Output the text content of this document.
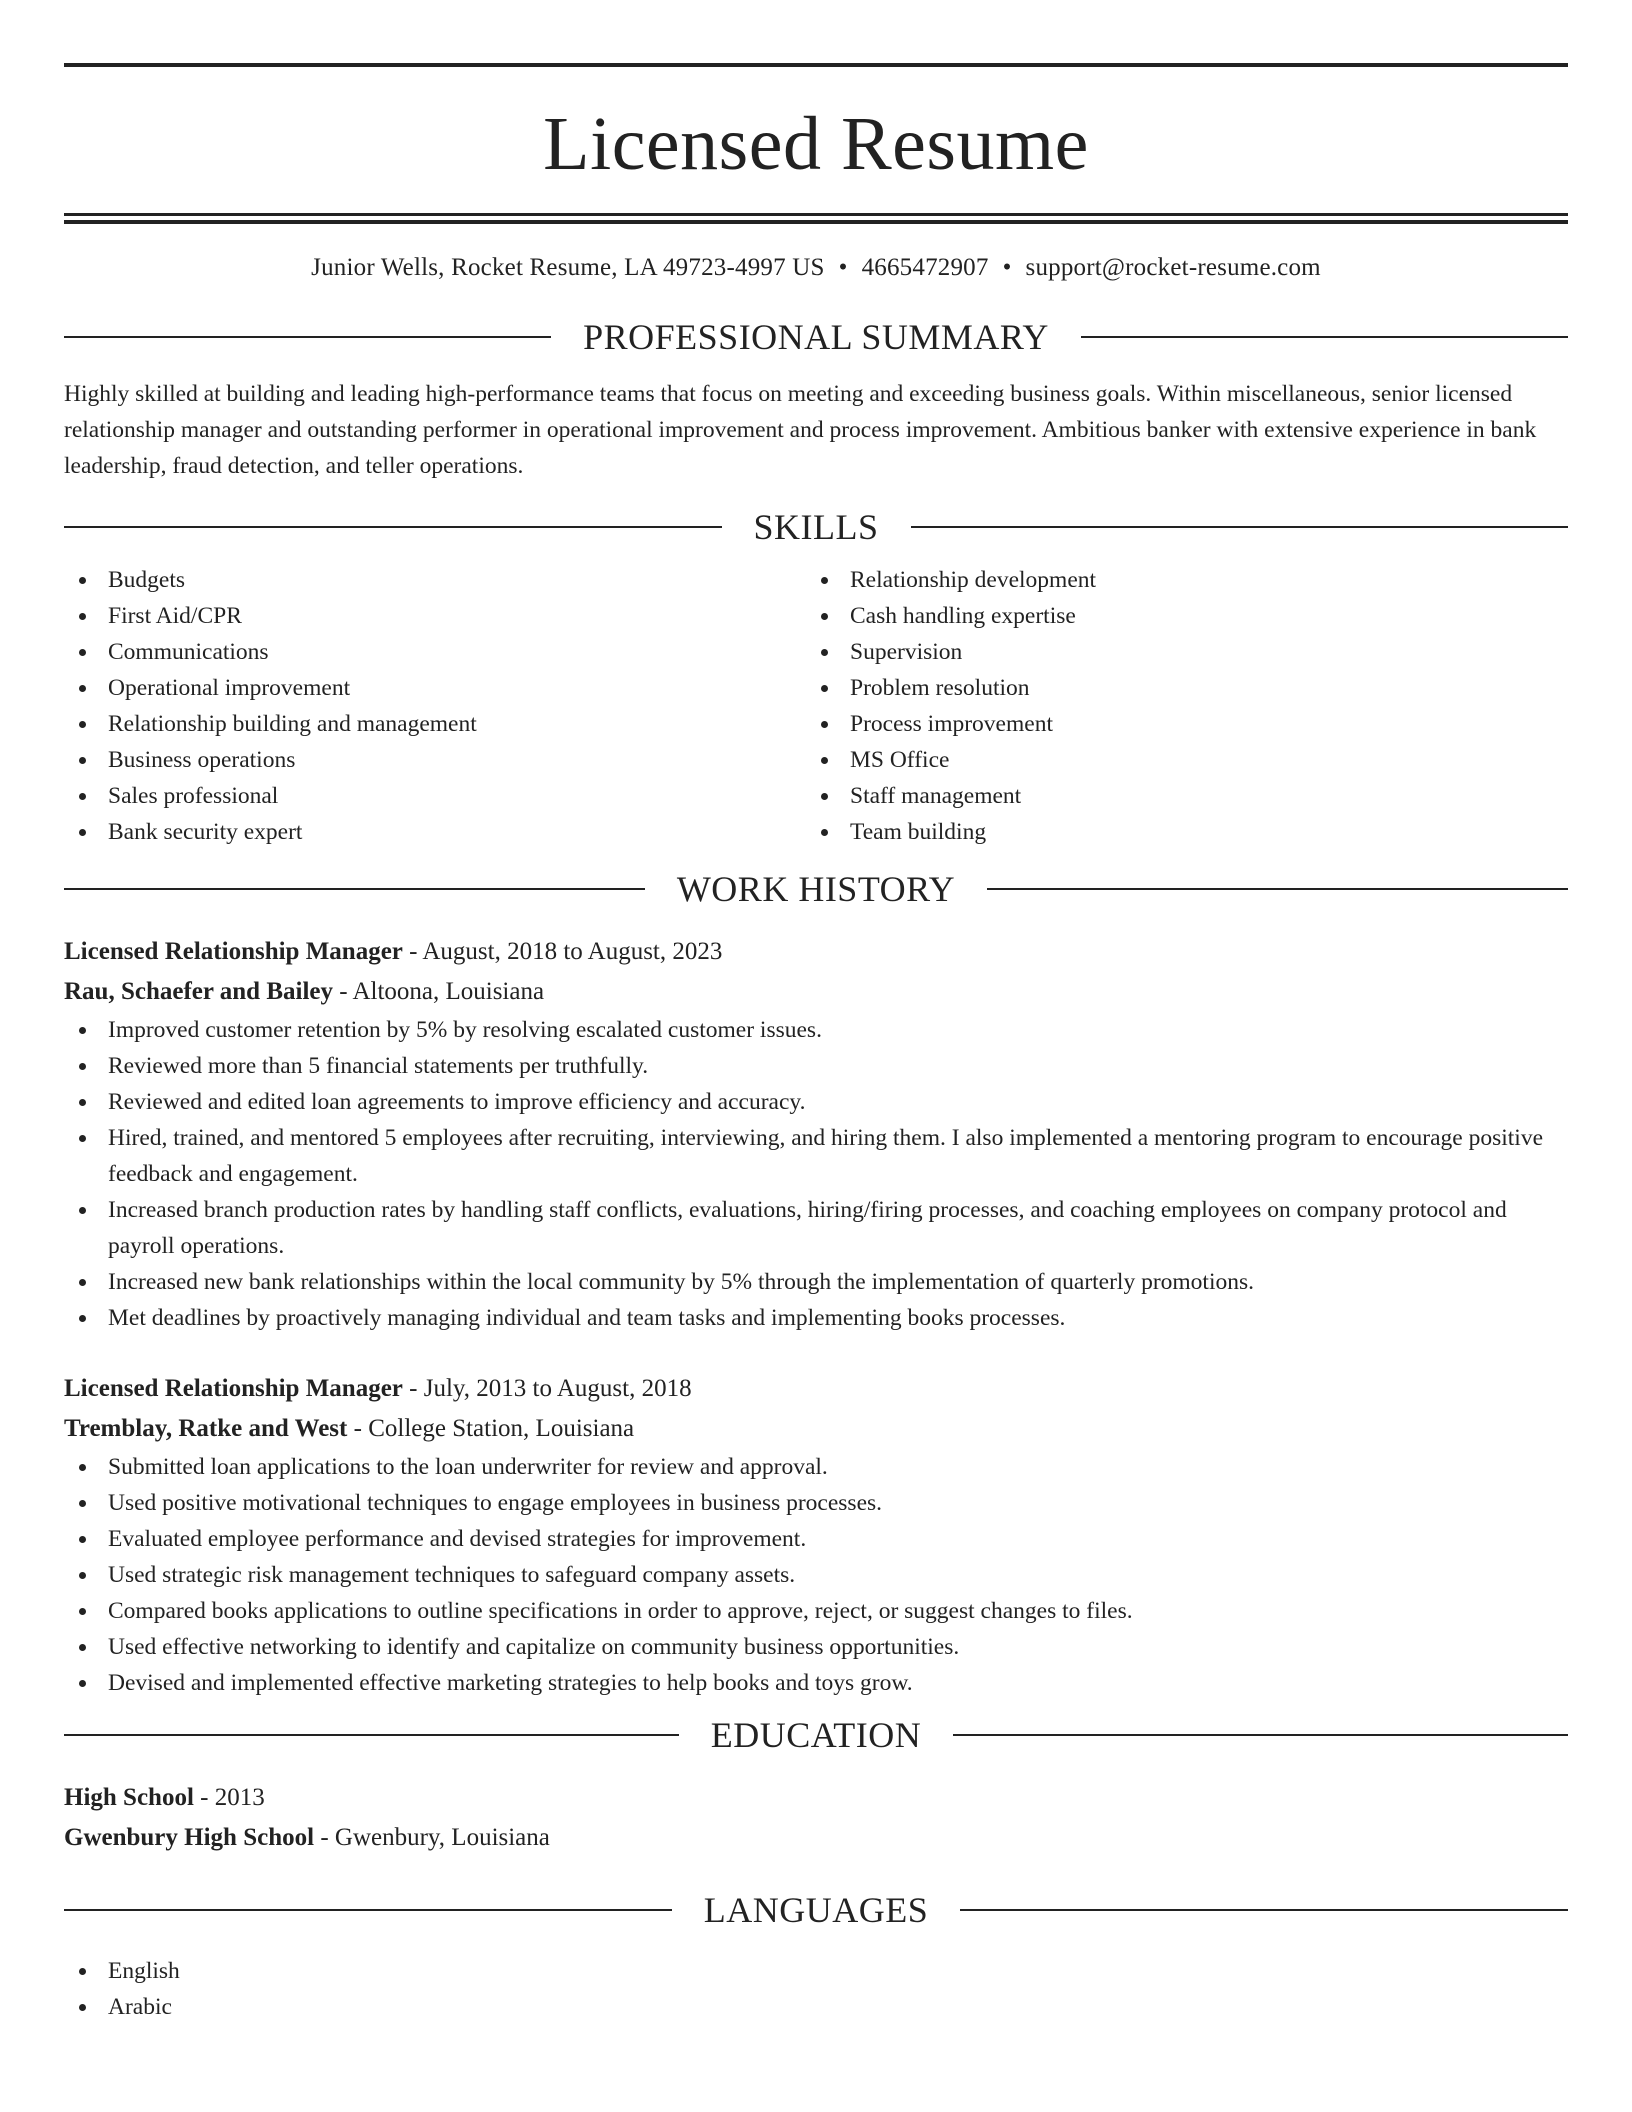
Licensed Resume
Junior Wells, Rocket Resume, LA 49723-4997 US • 4665472907 • support@rocket-resume.com
PROFESSIONAL SUMMARY
Highly skilled at building and leading high-performance teams that focus on meeting and exceeding business goals. Within miscellaneous, senior licensed relationship manager and outstanding performer in operational improvement and process improvement. Ambitious banker with extensive experience in bank leadership, fraud detection, and teller operations.
SKILLS
Budgets
First Aid/CPR
Communications
Operational improvement
Relationship building and management
Business operations
Sales professional
Bank security expert
Relationship development
Cash handling expertise
Supervision
Problem resolution
Process improvement
MS Office
Staff management
Team building
WORK HISTORY
Licensed Relationship Manager - August, 2018 to August, 2023
Rau, Schaefer and Bailey - Altoona, Louisiana
Improved customer retention by 5% by resolving escalated customer issues.
Reviewed more than 5 financial statements per truthfully.
Reviewed and edited loan agreements to improve efficiency and accuracy.
Hired, trained, and mentored 5 employees after recruiting, interviewing, and hiring them. I also implemented a mentoring program to encourage positive feedback and engagement.
Increased branch production rates by handling staff conflicts, evaluations, hiring/firing processes, and coaching employees on company protocol and payroll operations.
Increased new bank relationships within the local community by 5% through the implementation of quarterly promotions.
Met deadlines by proactively managing individual and team tasks and implementing books processes.
Licensed Relationship Manager - July, 2013 to August, 2018
Tremblay, Ratke and West - College Station, Louisiana
Submitted loan applications to the loan underwriter for review and approval.
Used positive motivational techniques to engage employees in business processes.
Evaluated employee performance and devised strategies for improvement.
Used strategic risk management techniques to safeguard company assets.
Compared books applications to outline specifications in order to approve, reject, or suggest changes to files.
Used effective networking to identify and capitalize on community business opportunities.
Devised and implemented effective marketing strategies to help books and toys grow.
EDUCATION
High School - 2013
Gwenbury High School - Gwenbury, Louisiana
LANGUAGES
English
Arabic
